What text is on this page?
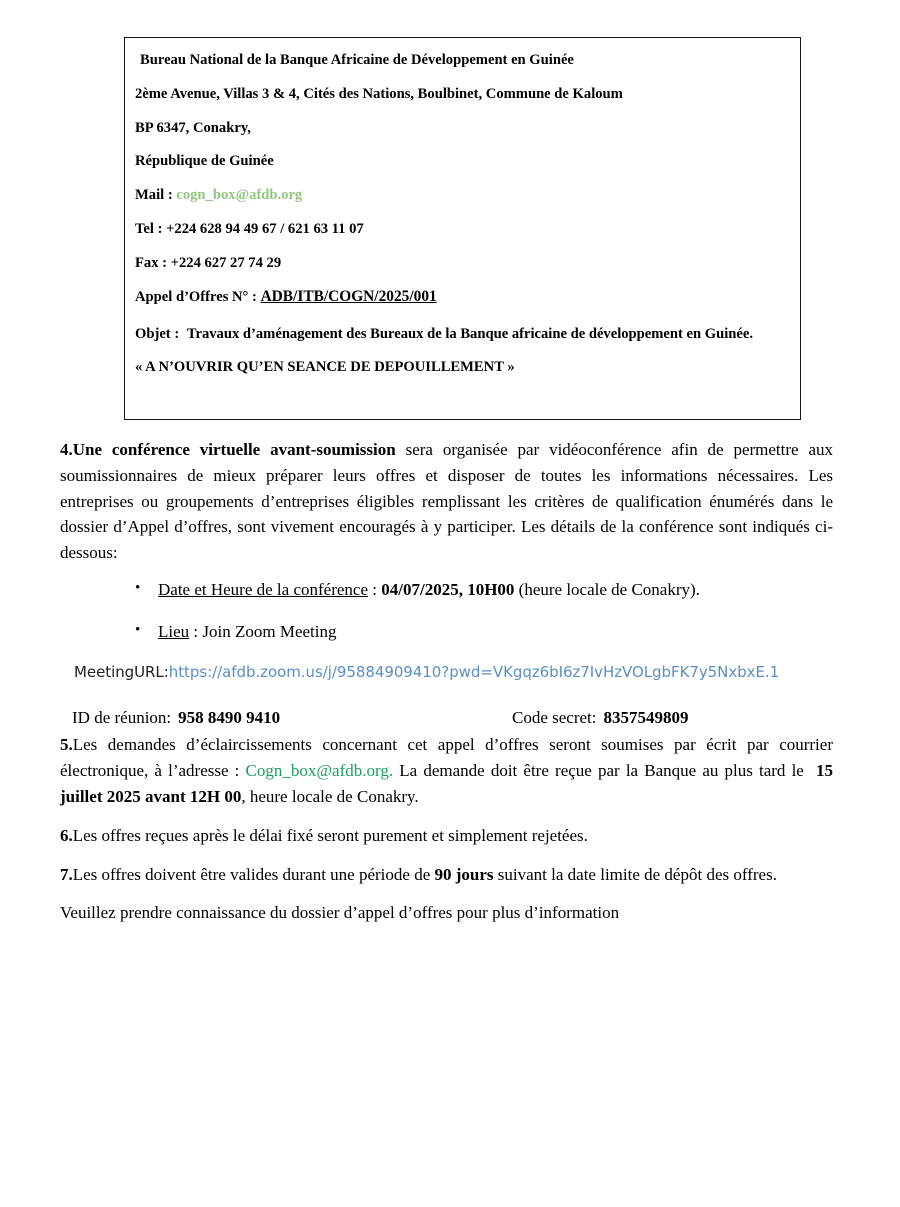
Bureau National de la Banque Africaine de Développement en Guinée

2ème Avenue, Villas 3 & 4, Cités des Nations, Boulbinet, Commune de Kaloum

BP 6347, Conakry,

République de Guinée

Mail : cogn_box@afdb.org

Tel : +224 628 94 49 67 / 621 63 11 07

Fax : +224 627 27 74 29

Appel d’Offres N° : ADB/ITB/COGN/2025/001

Objet : Travaux d’aménagement des Bureaux de la Banque africaine de développement en Guinée.

« A N’OUVRIR QU’EN SEANCE DE DEPOUILLEMENT »

4.Une conférence virtuelle avant-soumission sera organisée par vidéoconférence afin de permettre aux soumissionnaires de mieux préparer leurs offres et disposer de toutes les informations nécessaires. Les entreprises ou groupements d’entreprises éligibles remplissant les critères de qualification énumérés dans le dossier d’Appel d’offres, sont vivement encouragés à y participer. Les détails de la conférence sont indiqués ci-dessous:

• Date et Heure de la conférence : 04/07/2025, 10H00 (heure locale de Conakry).
• Lieu : Join Zoom Meeting

MeetingURL:https://afdb.zoom.us/j/95884909410?pwd=VKgqz6bI6z7IvHzVOLgbFK7y5NxbxE.1

ID de réunion: 958 8490 9410	Code secret: 8357549809

5.Les demandes d’éclaircissements concernant cet appel d’offres seront soumises par écrit par courrier électronique, à l’adresse : Cogn_box@afdb.org. La demande doit être reçue par la Banque au plus tard le 15 juillet 2025 avant 12H 00, heure locale de Conakry.

6.Les offres reçues après le délai fixé seront purement et simplement rejetées.

7.Les offres doivent être valides durant une période de 90 jours suivant la date limite de dépôt des offres.

Veuillez prendre connaissance du dossier d’appel d’offres pour plus d’information
